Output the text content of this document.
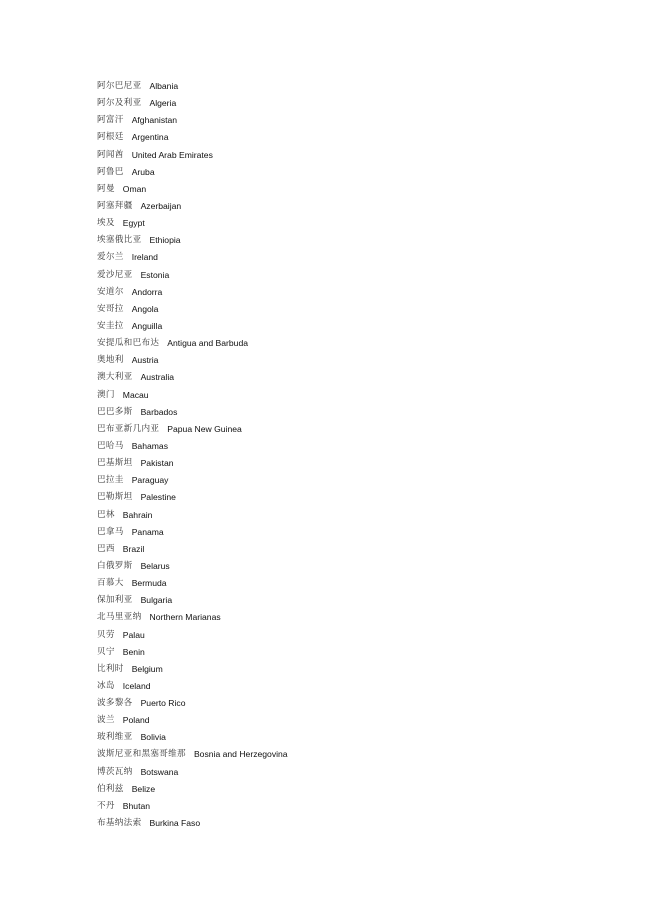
阿尔巴尼亚 Albania
阿尔及利亚 Algeria
阿富汗 Afghanistan
阿根廷 Argentina
阿闻酋 United Arab Emirates
阿鲁巴 Aruba
阿曼 Oman
阿塞拜疆 Azerbaijan
埃及 Egypt
埃塞俄比亚 Ethiopia
爱尔兰 Ireland
爱沙尼亚 Estonia
安道尔 Andorra
安哥拉 Angola
安圭拉 Anguilla
安提瓜和巴布达 Antigua and Barbuda
奥地利 Austria
澳大利亚 Australia
澳门 Macau
巴巴多斯 Barbados
巴布亚新几内亚 Papua New Guinea
巴哈马 Bahamas
巴基斯坦 Pakistan
巴拉圭 Paraguay
巴勒斯坦 Palestine
巴林 Bahrain
巴拿马 Panama
巴西 Brazil
白俄罗斯 Belarus
百慕大 Bermuda
保加利亚 Bulgaria
北马里亚纳 Northern Marianas
贝劳 Palau
贝宁 Benin
比利时 Belgium
冰岛 Iceland
波多黎各 Puerto Rico
波兰 Poland
玻利维亚 Bolivia
波斯尼亚和黑塞哥维那 Bosnia and Herzegovina
博茨瓦纳 Botswana
伯利兹 Belize
不丹 Bhutan
布基纳法索 Burkina Faso
